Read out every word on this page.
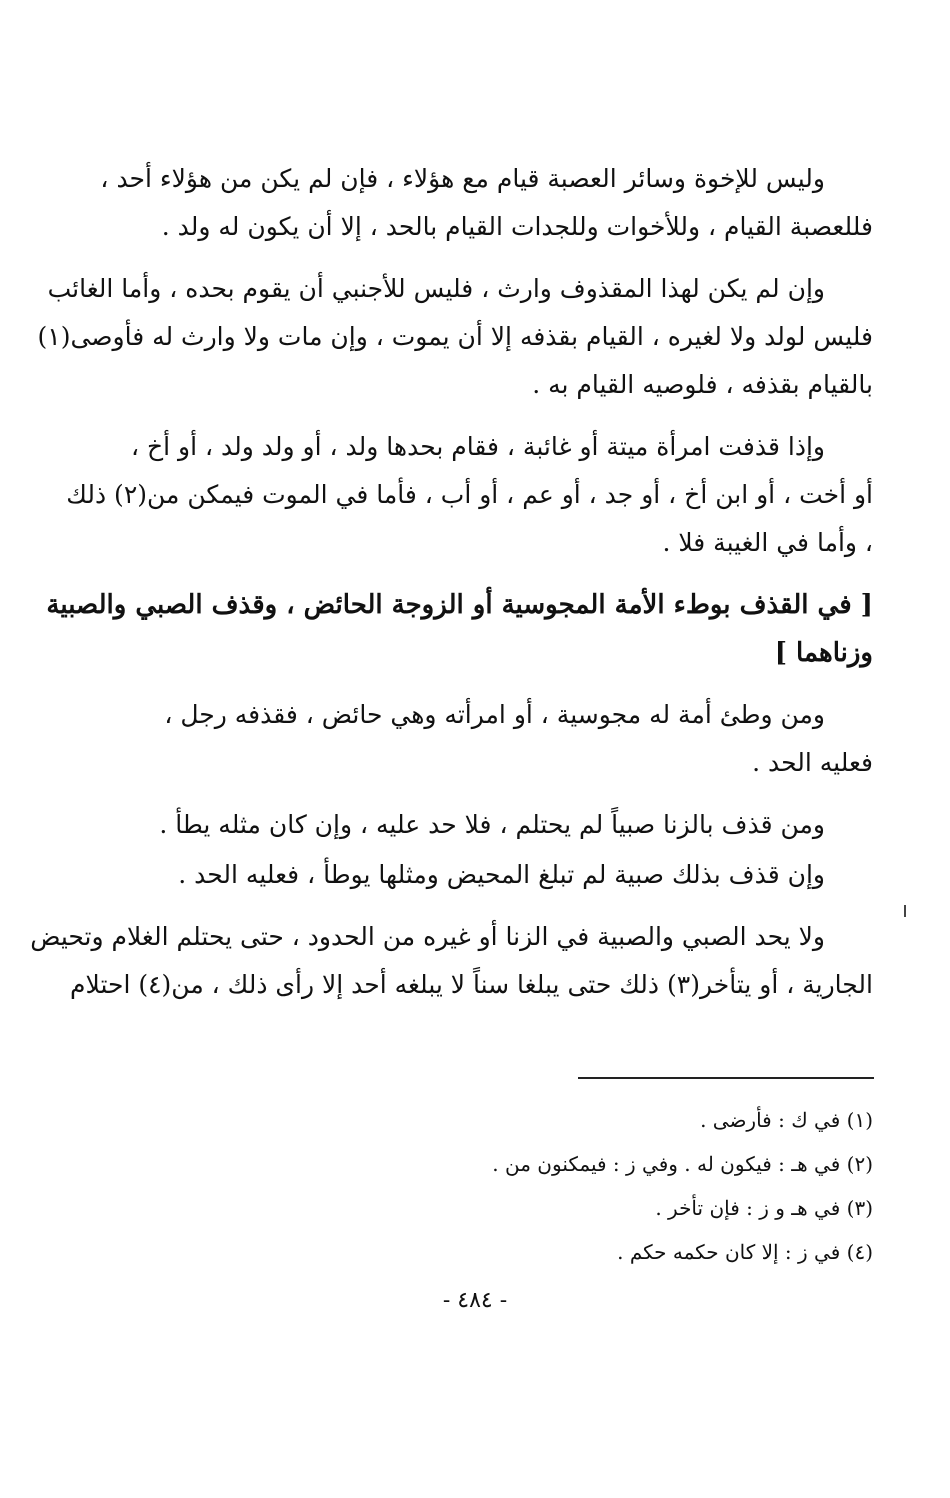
وليس للإخوة وسائر العصبة قيام مع هؤلاء ، فإن لم يكن من هؤلاء أحد ،
فللعصبة القيام ، وللأخوات وللجدات القيام بالحد ، إلا أن يكون له ولد .
وإن لم يكن لهذا المقذوف وارث ، فليس للأجنبي أن يقوم بحده ، وأما الغائب
فليس لولد ولا لغيره ، القيام بقذفه إلا أن يموت ، وإن مات ولا وارث له فأوصى(١)
بالقيام بقذفه ، فلوصيه القيام به .
وإذا قذفت امرأة ميتة أو غائبة ، فقام بحدها ولد ، أو ولد ولد ، أو أخ ،
أو أخت ، أو ابن أخ ، أو جد ، أو عم ، أو أب ، فأما في الموت فيمكن من(٢) ذلك
، وأما في الغيبة فلا .
[ في القذف بوطء الأمة المجوسية أو الزوجة الحائض ، وقذف الصبي والصبية
وزناهما ]
ومن وطئ أمة له مجوسية ، أو امرأته وهي حائض ، فقذفه رجل ،
فعليه الحد .
ومن قذف بالزنا صبياً لم يحتلم ، فلا حد عليه ، وإن كان مثله يطأ .
وإن قذف بذلك صبية لم تبلغ المحيض ومثلها يوطأ ، فعليه الحد .
ولا يحد الصبي والصبية في الزنا أو غيره من الحدود ، حتى يحتلم الغلام وتحيض
الجارية ، أو يتأخر(٣) ذلك حتى يبلغا سناً لا يبلغه أحد إلا رأى ذلك ، من(٤) احتلام
(١) في ك : فأرضى .
(٢) في هـ : فيكون له . وفي ز : فيمكنون من .
(٣) في هـ و ز : فإن تأخر .
(٤) في ز : إلا كان حكمه حكم .
- ٤٨٤ -
